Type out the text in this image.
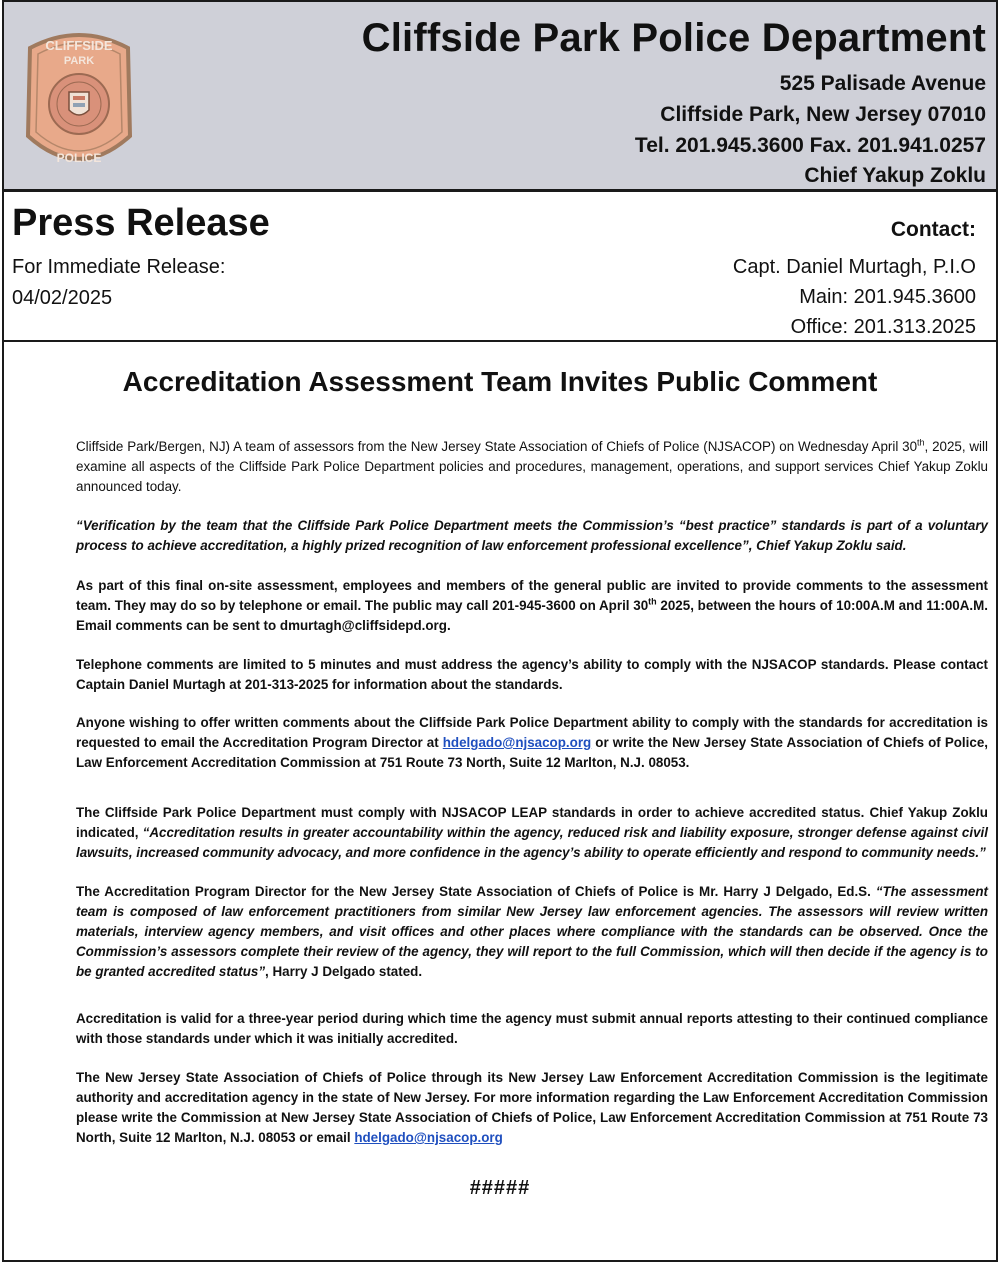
CLIFFSIDE
PARK
POLICE
Cliffside Park Police Department
525 Palisade Avenue
Cliffside Park, New Jersey 07010
Tel. 201.945.3600 Fax. 201.941.0257
Chief Yakup Zoklu
Press Release
For Immediate Release:
04/02/2025
Contact:
Capt. Daniel Murtagh, P.I.O
Main: 201.945.3600
Office: 201.313.2025
Accreditation Assessment Team Invites Public Comment
Cliffside Park/Bergen, NJ) A team of assessors from the New Jersey State Association of Chiefs of Police (NJSACOP) on Wednesday April 30th, 2025, will examine all aspects of the Cliffside Park Police Department policies and procedures, management, operations, and support services Chief Yakup Zoklu announced today.
“Verification by the team that the Cliffside Park Police Department meets the Commission’s “best practice” standards is part of a voluntary process to achieve accreditation, a highly prized recognition of law enforcement professional excellence”, Chief Yakup Zoklu said.
As part of this final on-site assessment, employees and members of the general public are invited to provide comments to the assessment team. They may do so by telephone or email. The public may call 201-945-3600 on April 30th 2025, between the hours of 10:00A.M and 11:00A.M. Email comments can be sent to dmurtagh@cliffsidepd.org.
Telephone comments are limited to 5 minutes and must address the agency’s ability to comply with the NJSACOP standards. Please contact Captain Daniel Murtagh at 201-313-2025 for information about the standards.
Anyone wishing to offer written comments about the Cliffside Park Police Department ability to comply with the standards for accreditation is requested to email the Accreditation Program Director at hdelgado@njsacop.org or write the New Jersey State Association of Chiefs of Police, Law Enforcement Accreditation Commission at 751 Route 73 North, Suite 12 Marlton, N.J. 08053.
The Cliffside Park Police Department must comply with NJSACOP LEAP standards in order to achieve accredited status. Chief Yakup Zoklu indicated, “Accreditation results in greater accountability within the agency, reduced risk and liability exposure, stronger defense against civil lawsuits, increased community advocacy, and more confidence in the agency’s ability to operate efficiently and respond to community needs.”
The Accreditation Program Director for the New Jersey State Association of Chiefs of Police is Mr. Harry J Delgado, Ed.S. “The assessment team is composed of law enforcement practitioners from similar New Jersey law enforcement agencies. The assessors will review written materials, interview agency members, and visit offices and other places where compliance with the standards can be observed. Once the Commission’s assessors complete their review of the agency, they will report to the full Commission, which will then decide if the agency is to be granted accredited status”, Harry J Delgado stated.
Accreditation is valid for a three-year period during which time the agency must submit annual reports attesting to their continued compliance with those standards under which it was initially accredited.
The New Jersey State Association of Chiefs of Police through its New Jersey Law Enforcement Accreditation Commission is the legitimate authority and accreditation agency in the state of New Jersey. For more information regarding the Law Enforcement Accreditation Commission please write the Commission at New Jersey State Association of Chiefs of Police, Law Enforcement Accreditation Commission at 751 Route 73 North, Suite 12 Marlton, N.J. 08053 or email hdelgado@njsacop.org
#####
